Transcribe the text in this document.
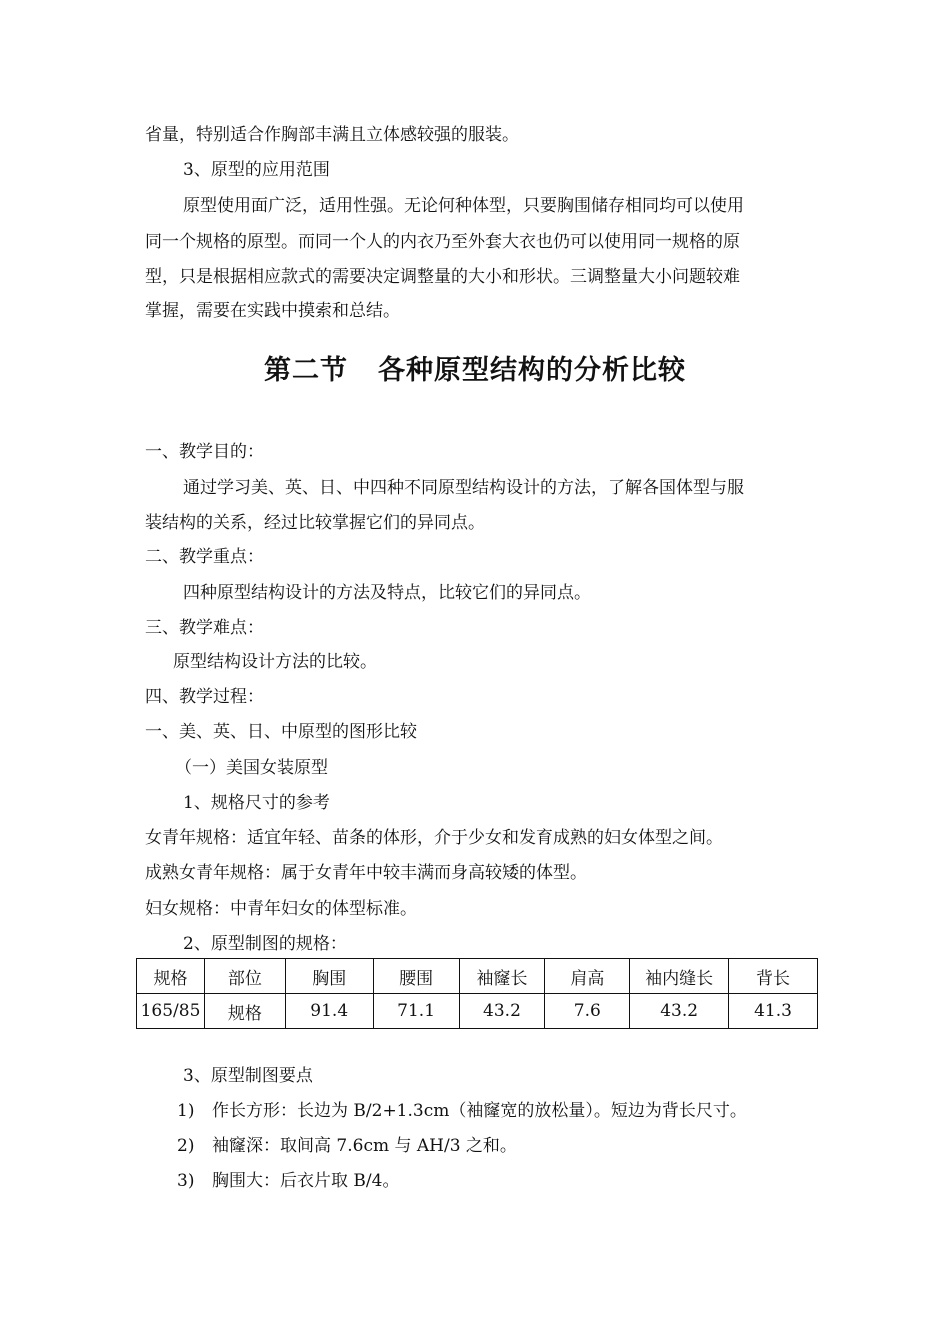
省量，特别适合作胸部丰满且立体感较强的服装。
3、原型的应用范围
原型使用面广泛，适用性强。无论何种体型，只要胸围储存相同均可以使用
同一个规格的原型。而同一个人的内衣乃至外套大衣也仍可以使用同一规格的原
型，只是根据相应款式的需要决定调整量的大小和形状。三调整量大小问题较难
掌握，需要在实践中摸索和总结。
第二节 各种原型结构的分析比较
一、教学目的：
通过学习美、英、日、中四种不同原型结构设计的方法，了解各国体型与服
装结构的关系，经过比较掌握它们的异同点。
二、教学重点：
四种原型结构设计的方法及特点，比较它们的异同点。
三、教学难点：
原型结构设计方法的比较。
四、教学过程：
一、美、英、日、中原型的图形比较
（一）美国女装原型
1、规格尺寸的参考
女青年规格：适宜年轻、苗条的体形，介于少女和发育成熟的妇女体型之间。
成熟女青年规格：属于女青年中较丰满而身高较矮的体型。
妇女规格：中青年妇女的体型标准。
2、原型制图的规格：
规格	部位	胸围	腰围	袖窿长	肩高	袖内缝长	背长
165/85	规格	91.4	71.1	43.2	7.6	43.2	41.3
3、原型制图要点
1) 作长方形：长边为 B/2+1.3cm（袖窿宽的放松量）。短边为背长尺寸。
2) 袖窿深：取间高 7.6cm 与 AH/3 之和。
3) 胸围大：后衣片取 B/4。
